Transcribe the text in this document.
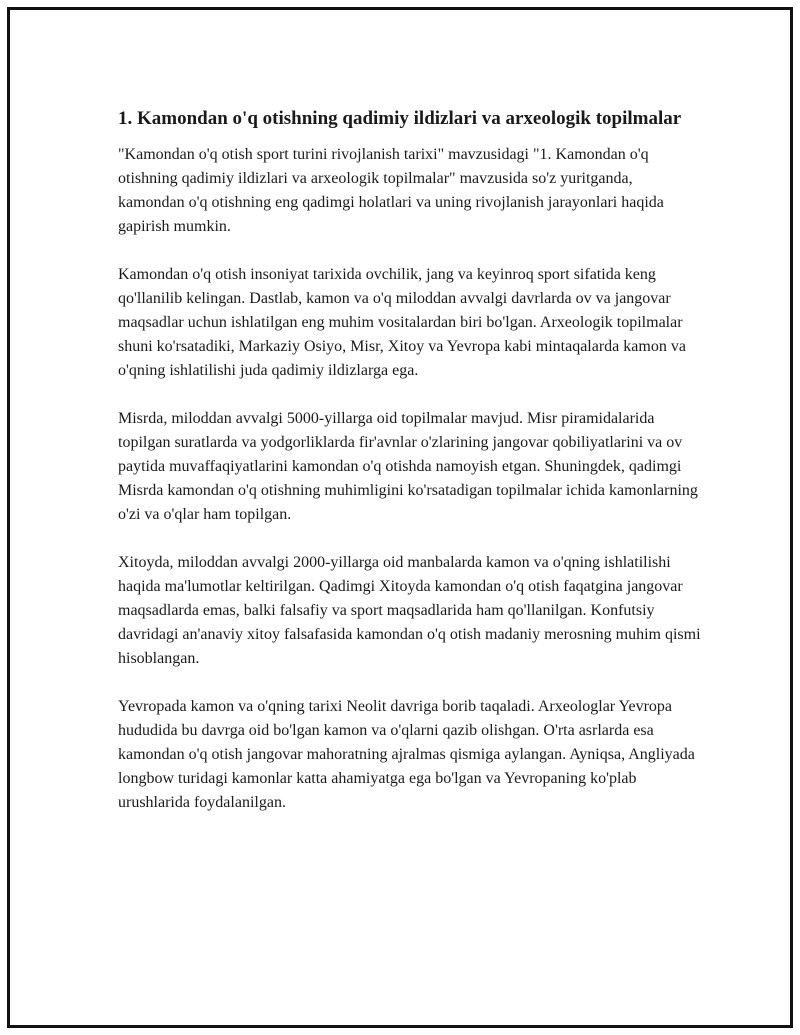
1. Kamondan o'q otishning qadimiy ildizlari va arxeologik topilmalar

"Kamondan o'q otish sport turini rivojlanish tarixi" mavzusidagi "1. Kamondan o'q otishning qadimiy ildizlari va arxeologik topilmalar" mavzusida so'z yuritganda, kamondan o'q otishning eng qadimgi holatlari va uning rivojlanish jarayonlari haqida gapirish mumkin.

Kamondan o'q otish insoniyat tarixida ovchilik, jang va keyinroq sport sifatida keng qo'llanilib kelingan. Dastlab, kamon va o'q miloddan avvalgi davrlarda ov va jangovar maqsadlar uchun ishlatilgan eng muhim vositalardan biri bo'lgan. Arxeologik topilmalar shuni ko'rsatadiki, Markaziy Osiyo, Misr, Xitoy va Yevropa kabi mintaqalarda kamon va o'qning ishlatilishi juda qadimiy ildizlarga ega.

Misrda, miloddan avvalgi 5000-yillarga oid topilmalar mavjud. Misr piramidalarida topilgan suratlarda va yodgorliklarda fir'avnlar o'zlarining jangovar qobiliyatlarini va ov paytida muvaffaqiyatlarini kamondan o'q otishda namoyish etgan. Shuningdek, qadimgi Misrda kamondan o'q otishning muhimligini ko'rsatadigan topilmalar ichida kamonlarning o'zi va o'qlar ham topilgan.

Xitoyda, miloddan avvalgi 2000-yillarga oid manbalarda kamon va o'qning ishlatilishi haqida ma'lumotlar keltirilgan. Qadimgi Xitoyda kamondan o'q otish faqatgina jangovar maqsadlarda emas, balki falsafiy va sport maqsadlarida ham qo'llanilgan. Konfutsiy davridagi an'anaviy xitoy falsafasida kamondan o'q otish madaniy merosning muhim qismi hisoblangan.

Yevropada kamon va o'qning tarixi Neolit davriga borib taqaladi. Arxeologlar Yevropa hududida bu davrga oid bo'lgan kamon va o'qlarni qazib olishgan. O'rta asrlarda esa kamondan o'q otish jangovar mahoratning ajralmas qismiga aylangan. Ayniqsa, Angliyada longbow turidagi kamonlar katta ahamiyatga ega bo'lgan va Yevropaning ko'plab urushlarida foydalanilgan.
